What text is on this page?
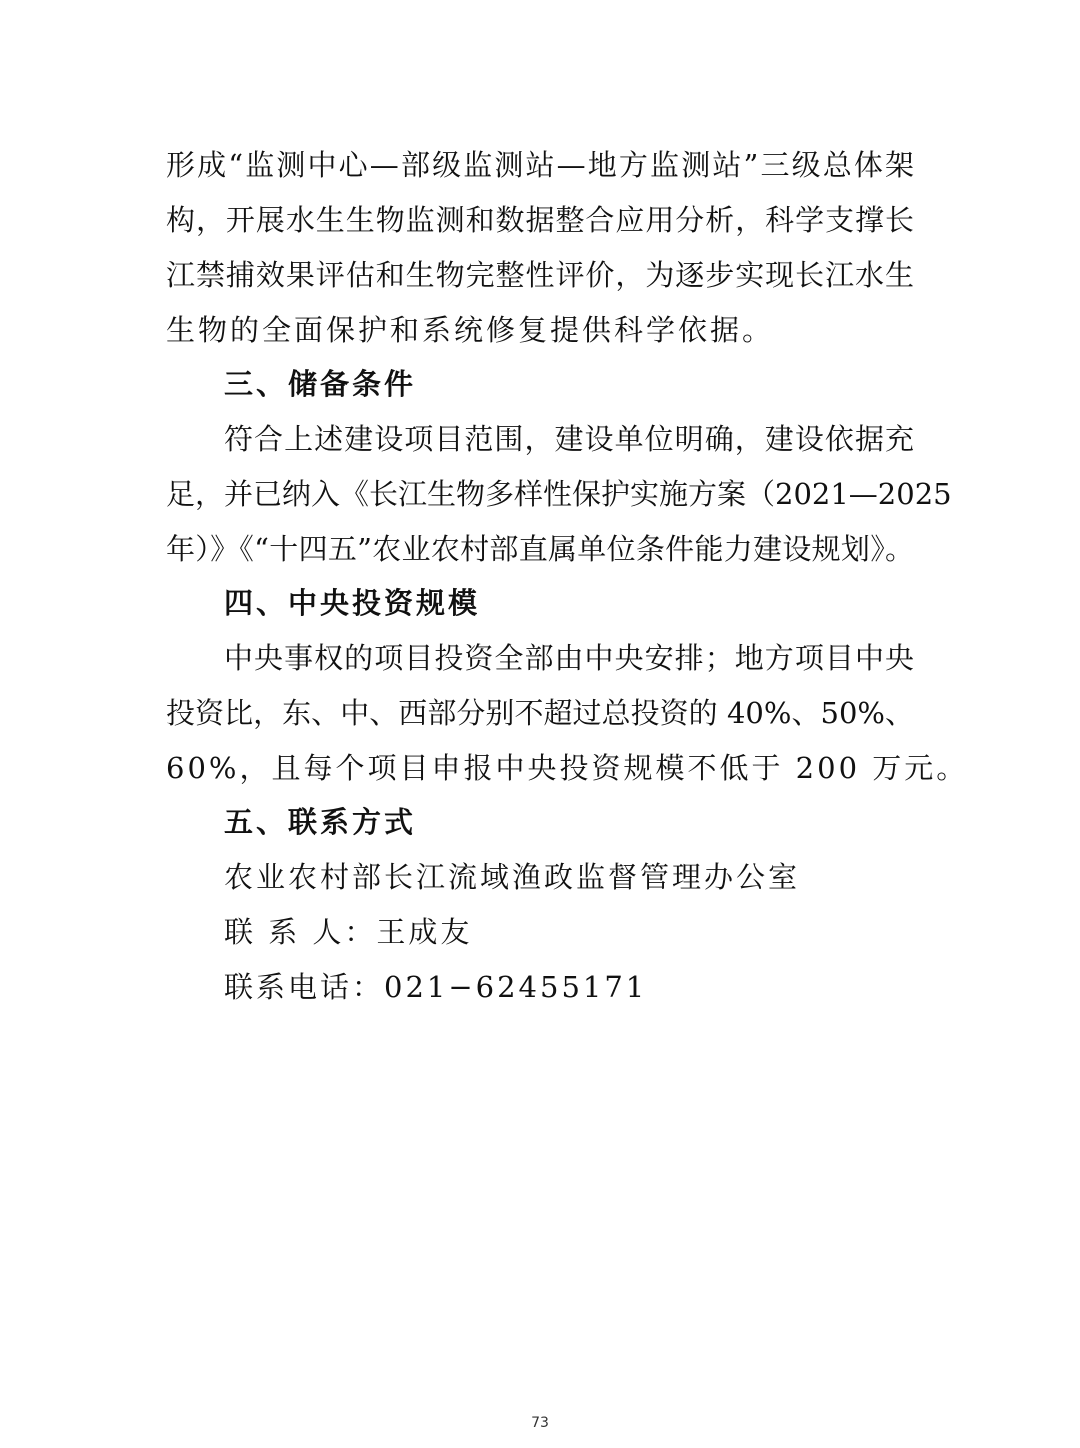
形成“监测中心—部级监测站—地方监测站”三级总体架
构，开展水生生物监测和数据整合应用分析，科学支撑长
江禁捕效果评估和生物完整性评价，为逐步实现长江水生
生物的全面保护和系统修复提供科学依据。
三、储备条件
符合上述建设项目范围，建设单位明确，建设依据充
足，并已纳入《长江生物多样性保护实施方案（2021—2025
年）》《“十四五”农业农村部直属单位条件能力建设规划》。
四、中央投资规模
中央事权的项目投资全部由中央安排；地方项目中央
投资比，东、中、西部分别不超过总投资的 40%、50%、
60%，且每个项目申报中央投资规模不低于 200 万元。
五、联系方式
农业农村部长江流域渔政监督管理办公室
联 系 人：王成友
联系电话：021−62455171
73
